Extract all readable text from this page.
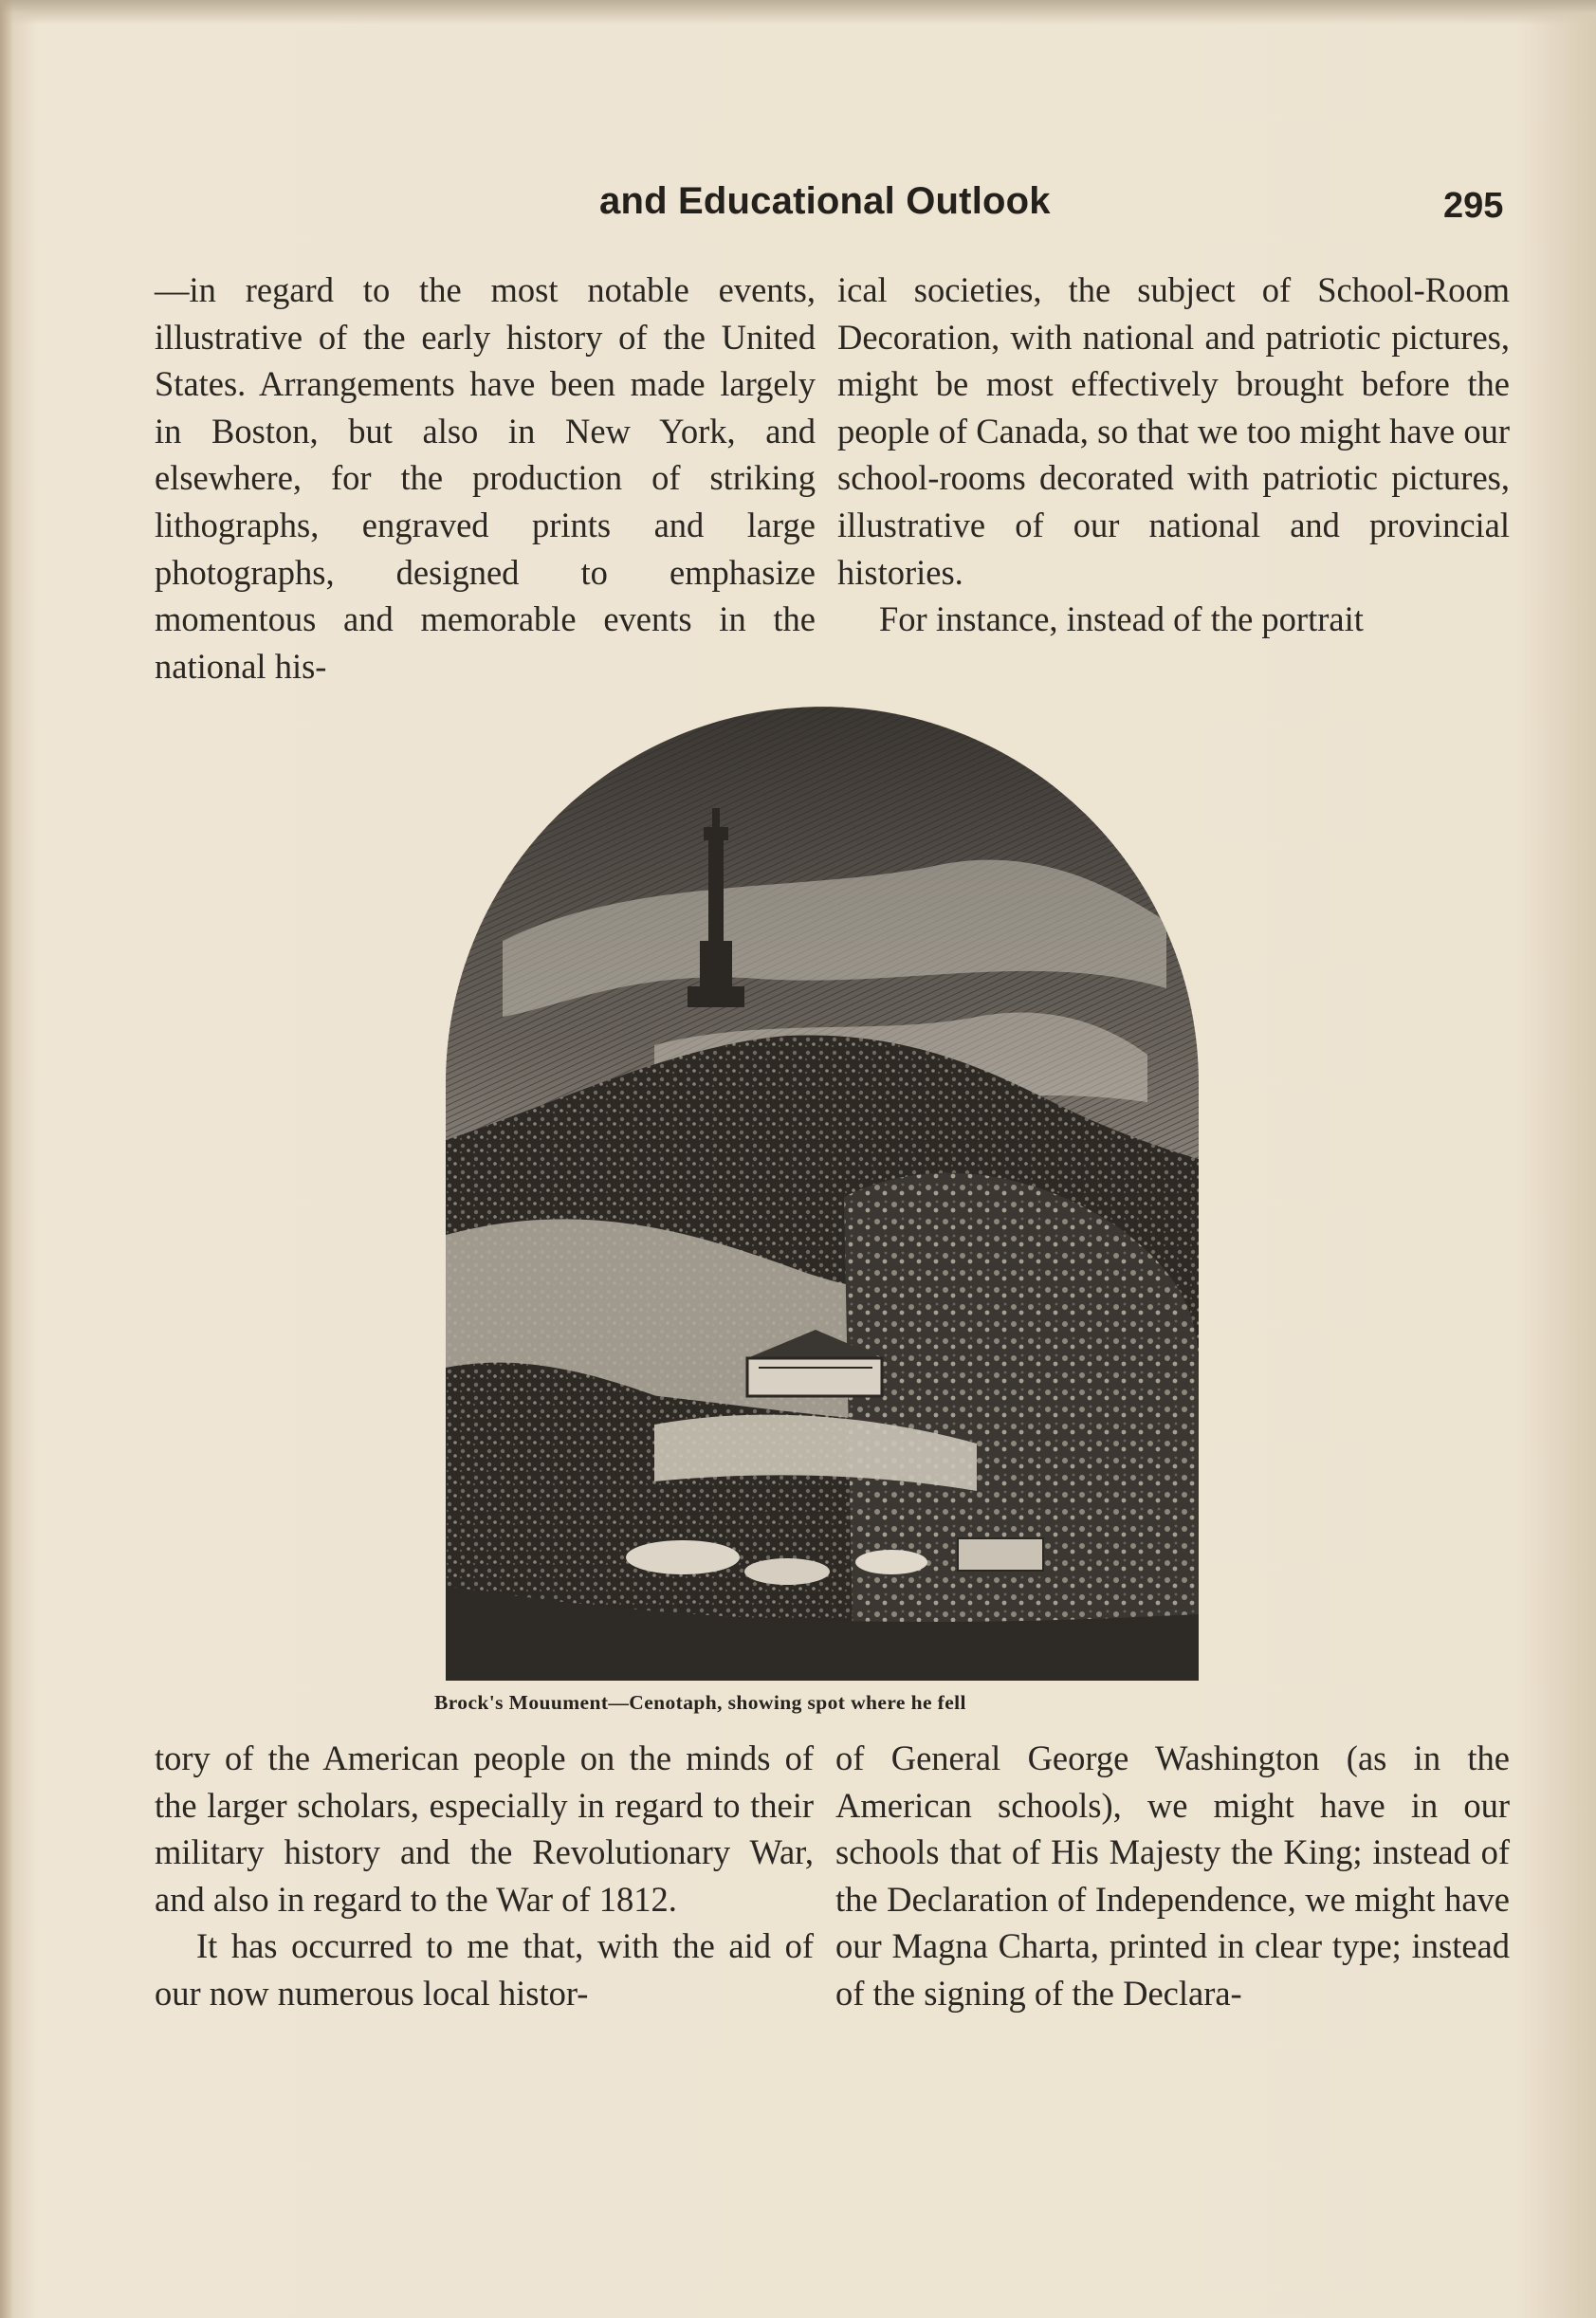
and Educational Outlook	295

—in regard to the most notable events, illustrative of the early history of the United States. Arrangements have been made largely in Boston, but also in New York, and elsewhere, for the production of striking lithographs, engraved prints and large photographs, designed to emphasize momentous and memorable events in the national his-

ical societies, the subject of School-Room Decoration, with national and patriotic pictures, might be most effectively brought before the people of Canada, so that we too might have our school-rooms decorated with patriotic pictures, illustrative of our national and provincial histories.

For instance, instead of the portrait

Brock's Mouument—Cenotaph, showing spot where he fell

tory of the American people on the minds of the larger scholars, especially in regard to their military history and the Revolutionary War, and also in regard to the War of 1812.

It has occurred to me that, with the aid of our now numerous local histor-

of General George Washington (as in the American schools), we might have in our schools that of His Majesty the King; instead of the Declaration of Independence, we might have our Magna Charta, printed in clear type; instead of the signing of the Declara-
